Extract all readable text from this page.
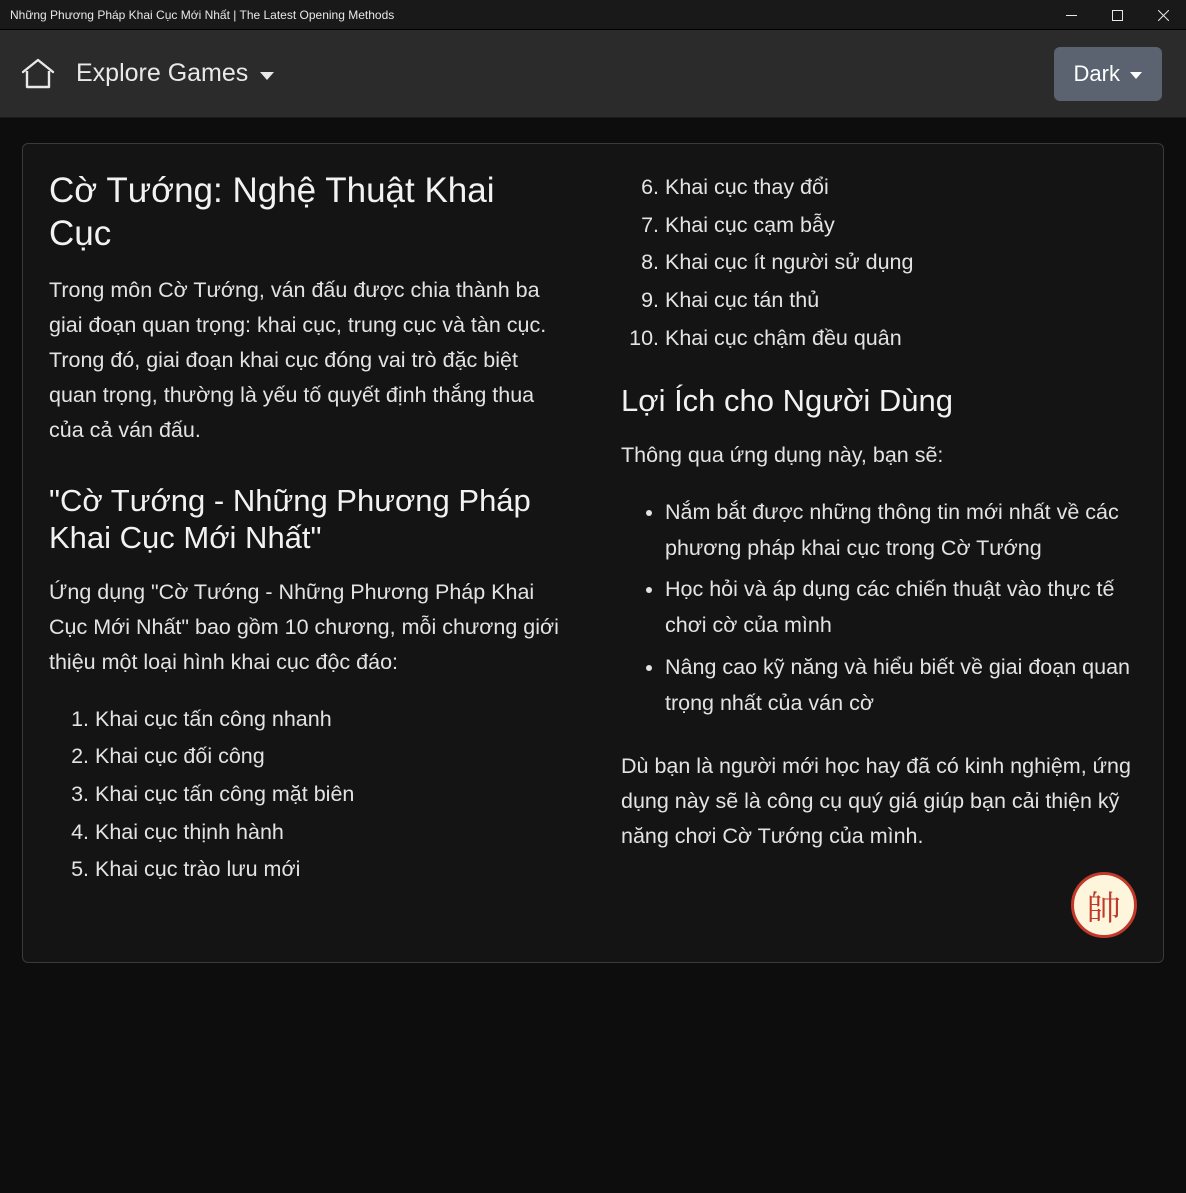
Những Phương Pháp Khai Cục Mới Nhất | The Latest Opening Methods
Explore Games	Dark
Cờ Tướng: Nghệ Thuật Khai Cục

Trong môn Cờ Tướng, ván đấu được chia thành ba giai đoạn quan trọng: khai cục, trung cục và tàn cục. Trong đó, giai đoạn khai cục đóng vai trò đặc biệt quan trọng, thường là yếu tố quyết định thắng thua của cả ván đấu.

"Cờ Tướng - Những Phương Pháp Khai Cục Mới Nhất"

Ứng dụng "Cờ Tướng - Những Phương Pháp Khai Cục Mới Nhất" bao gồm 10 chương, mỗi chương giới thiệu một loại hình khai cục độc đáo:

1. Khai cục tấn công nhanh
2. Khai cục đối công
3. Khai cục tấn công mặt biên
4. Khai cục thịnh hành
5. Khai cục trào lưu mới
6. Khai cục thay đổi
7. Khai cục cạm bẫy
8. Khai cục ít người sử dụng
9. Khai cục tán thủ
10. Khai cục chậm đều quân
Lợi Ích cho Người Dùng

Thông qua ứng dụng này, bạn sẽ:

• Nắm bắt được những thông tin mới nhất về các phương pháp khai cục trong Cờ Tướng
• Học hỏi và áp dụng các chiến thuật vào thực tế chơi cờ của mình
• Nâng cao kỹ năng và hiểu biết về giai đoạn quan trọng nhất của ván cờ

Dù bạn là người mới học hay đã có kinh nghiệm, ứng dụng này sẽ là công cụ quý giá giúp bạn cải thiện kỹ năng chơi Cờ Tướng của mình.

帥
